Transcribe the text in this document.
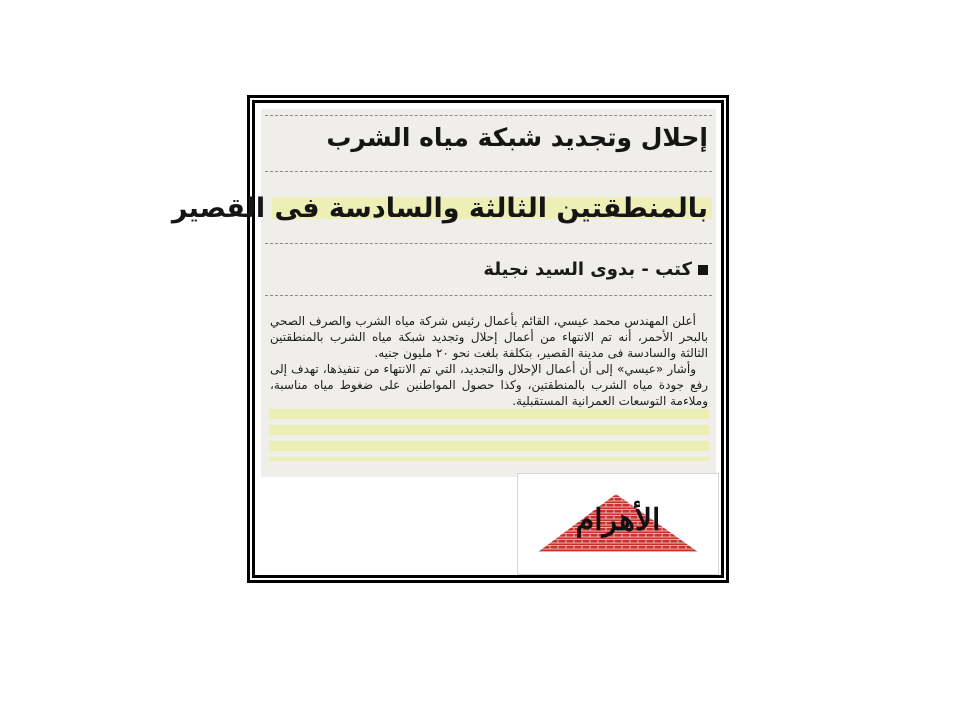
إحلال وتجديد شبكة مياه الشرب
بالمنطقتين الثالثة والسادسة فى القصير
كتب - بدوى السيد نجيلة

أعلن المهندس محمد عيسي، القائم بأعمال رئيس شركة مياه الشرب والصرف الصحي بالبحر الأحمر، أنه تم الانتهاء من أعمال إحلال وتجديد شبكة مياه الشرب بالمنطقتين الثالثة والسادسة فى مدينة القصير، بتكلفة بلغت نحو ٢٠ مليون جنيه.

وأشار «عيسي» إلى أن أعمال الإحلال والتجديد، التي تم الانتهاء من تنفيذها، تهدف إلى رفع جودة مياه الشرب بالمنطقتين، وكذا حصول المواطنين على ضغوط مياه مناسبة، وملاءمة التوسعات العمرانية المستقبلية.

الأهرام
